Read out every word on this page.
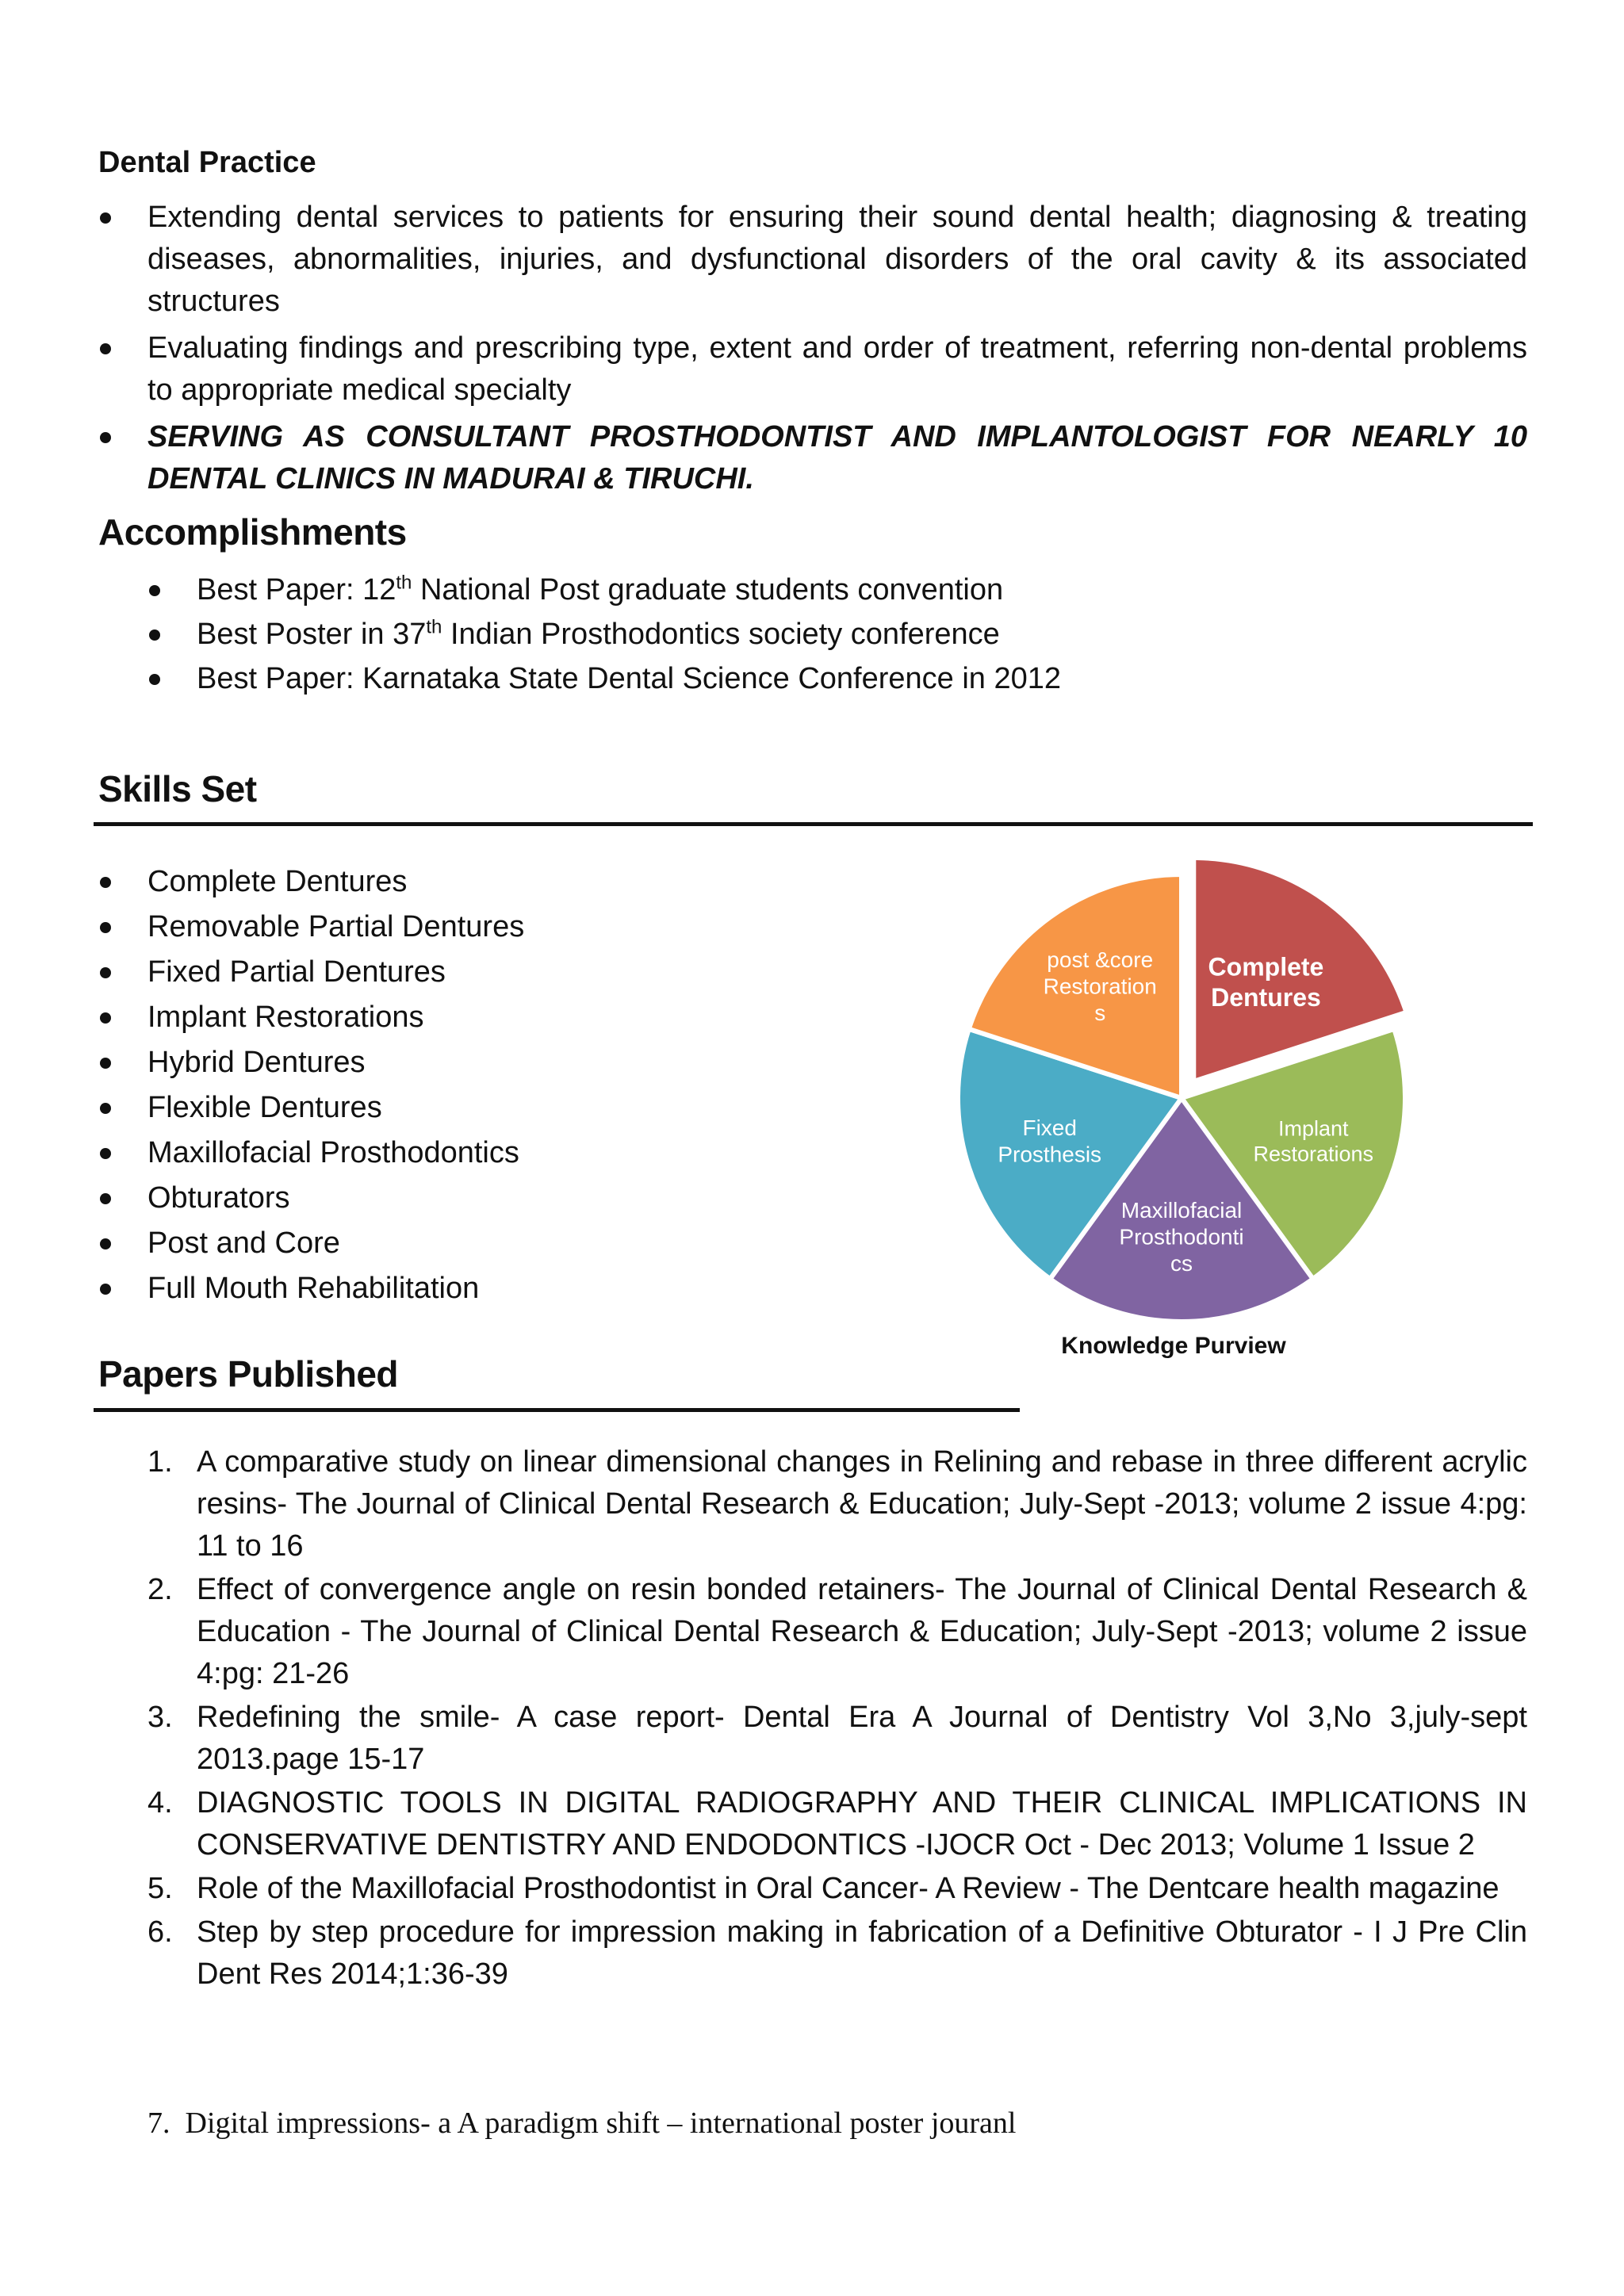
Dental Practice
Extending dental services to patients for ensuring their sound dental health; diagnosing & treating diseases, abnormalities, injuries, and dysfunctional disorders of the oral cavity & its associated structures
Evaluating findings and prescribing type, extent and order of treatment, referring non-dental problems to appropriate medical specialty
SERVING AS CONSULTANT PROSTHODONTIST AND IMPLANTOLOGIST FOR NEARLY 10 DENTAL CLINICS IN MADURAI & TIRUCHI.
Accomplishments
Best Paper: 12th National Post graduate students convention
Best Poster in 37th Indian Prosthodontics society conference
Best Paper: Karnataka State Dental Science Conference in 2012
Skills Set
Complete Dentures
Removable Partial Dentures
Fixed Partial Dentures
Implant Restorations
Hybrid Dentures
Flexible Dentures
Maxillofacial Prosthodontics
Obturators
Post and Core
Full Mouth Rehabilitation
Complete Dentures
Implant Restorations
Maxillofacial Prosthodonti cs
Fixed Prosthesis
post &core Restoration s
Knowledge Purview
Papers Published
1. A comparative study on linear dimensional changes in Relining and rebase in three different acrylic resins- The Journal of Clinical Dental Research & Education; July-Sept -2013; volume 2 issue 4:pg: 11 to 16
2. Effect of convergence angle on resin bonded retainers- The Journal of Clinical Dental Research & Education - The Journal of Clinical Dental Research & Education; July-Sept -2013; volume 2 issue 4:pg: 21-26
3. Redefining the smile- A case report- Dental Era A Journal of Dentistry Vol 3,No 3,july-sept 2013.page 15-17
4. DIAGNOSTIC TOOLS IN DIGITAL RADIOGRAPHY AND THEIR CLINICAL IMPLICATIONS IN CONSERVATIVE DENTISTRY AND ENDODONTICS -IJOCR Oct - Dec 2013; Volume 1 Issue 2
5. Role of the Maxillofacial Prosthodontist in Oral Cancer- A Review - The Dentcare health magazine
6. Step by step procedure for impression making in fabrication of a Definitive Obturator - I J Pre Clin Dent Res 2014;1:36-39
7. Digital impressions- a A paradigm shift – international poster jouranl
